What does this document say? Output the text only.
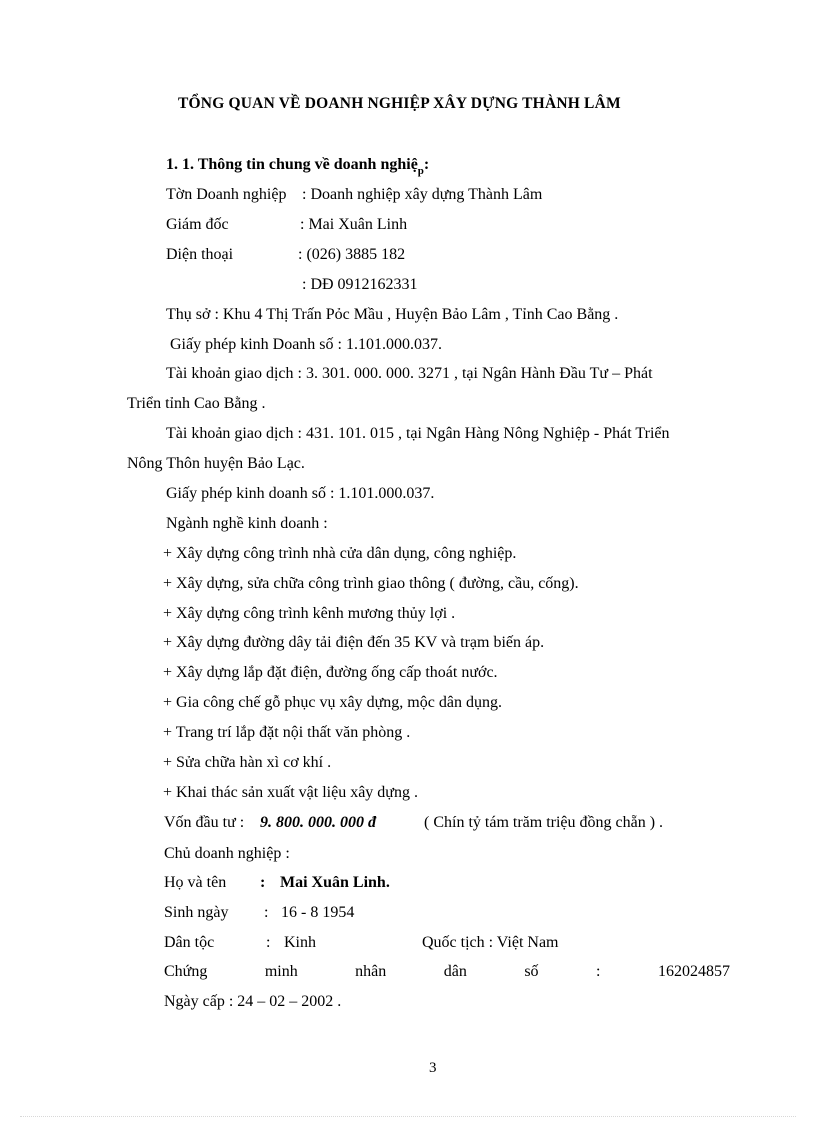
TỔNG QUAN VỀ DOANH NGHIỆP XÂY DỰNG THÀNH LÂM
1. 1. Thông tin chung về doanh nghiệ$_p$:
Tờn Doanh nghiệp : Doanh nghiệp xây dựng Thành Lâm
Giám đốc	: Mai Xuân Linh
Diện thoại	: (026) 3885 182
: DĐ 0912162331
Thụ sở : Khu 4 Thị Trấn Pỏc Mầu , Huyện Bảo Lâm , Tỉnh Cao Bằng .
Giấy phép kinh Doanh số : 1.101.000.037.
Tài khoản giao dịch : 3. 301. 000. 000. 3271 , tại Ngân Hành Đầu Tư – Phát
Triển tỉnh Cao Bằng .
Tài khoản giao dịch : 431. 101. 015 , tại Ngân Hàng Nông Nghiệp - Phát Triển
Nông Thôn huyện Bảo Lạc.
Giấy phép kinh doanh số : 1.101.000.037.
Ngành nghề kinh doanh :
+ Xây dựng công trình nhà cửa dân dụng, công nghiệp.
+ Xây dựng, sửa chữa công trình giao thông ( đường, cầu, cống).
+ Xây dựng công trình kênh mương thủy lợi .
+ Xây dựng đường dây tải điện đến 35 KV và trạm biến áp.
+ Xây dựng lắp đặt điện, đường ống cấp thoát nước.
+ Gia công chế gỗ phục vụ xây dựng, mộc dân dụng.
+ Trang trí lắp đặt nội thất văn phòng .
+ Sửa chữa hàn xì cơ khí .
+ Khai thác sản xuất vật liệu xây dựng .
Vốn đầu tư : 9. 800. 000. 000 đ	( Chín tỷ tám trăm triệu đồng chẵn ) .
Chủ doanh nghiệp :
Họ và tên : Mai Xuân Linh.
Sinh ngày : 16 - 8 1954
Dân tộc	: Kinh	Quốc tịch : Việt Nam
Chứng	minh	nhân	dân	số	:	162024857
Ngày cấp : 24 – 02 – 2002 .
3
